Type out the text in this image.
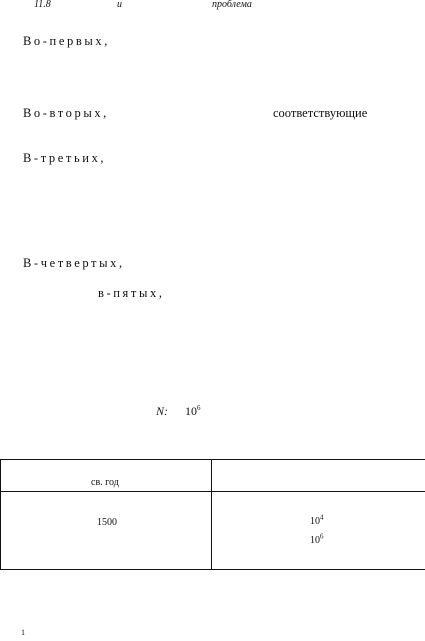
11.8	и	проблема
Во-первых,
Во-вторых,	соответствующие
В-третьих,
В-четвертых,
в-пятых,
N: $10^6$
св. год
1500	$10^4$
$10^6$
1
